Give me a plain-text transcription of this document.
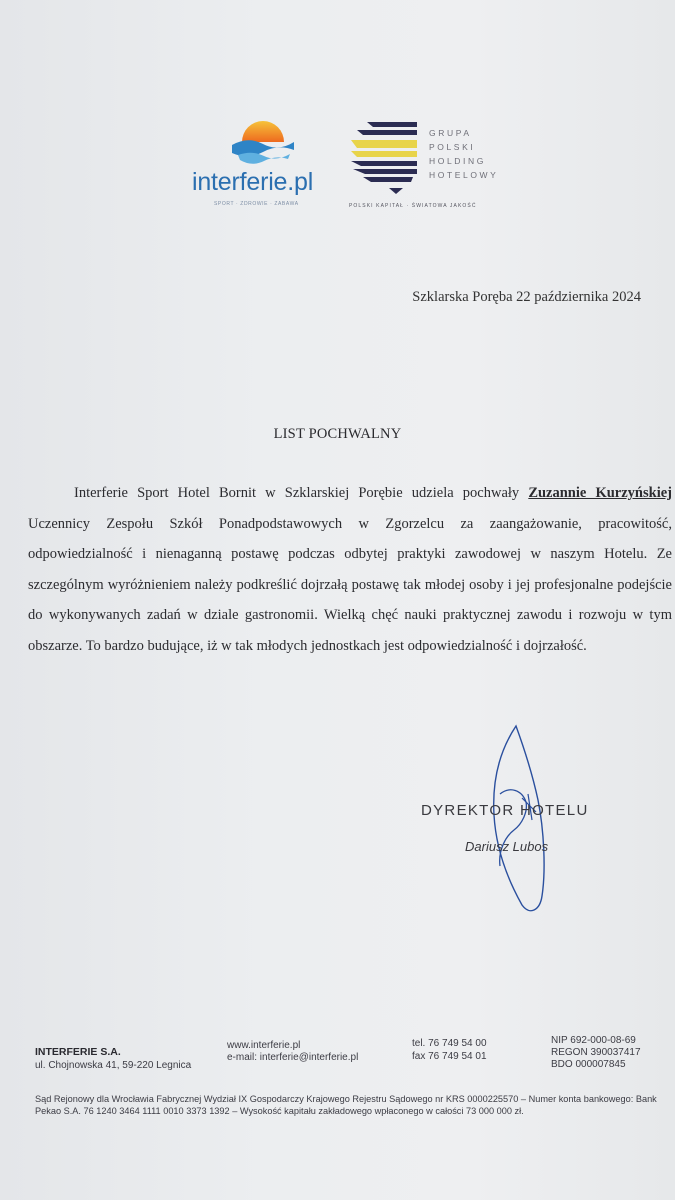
interferie.pl
SPORT · ZDROWIE · ZABAWA
GRUPA
POLSKI
HOLDING
HOTELOWY
POLSKI KAPITAŁ · ŚWIATOWA JAKOŚĆ
Szklarska Poręba 22 października 2024
LIST POCHWALNY
Interferie Sport Hotel Bornit w Szklarskiej Porębie udziela pochwały Zuzannie Kurzyńskiej Uczennicy Zespołu Szkół Ponadpodstawowych w Zgorzelcu za zaangażowanie, pracowitość, odpowiedzialność i nienaganną postawę podczas odbytej praktyki zawodowej w naszym Hotelu. Ze szczególnym wyróżnieniem należy podkreślić dojrzałą postawę tak młodej osoby i jej profesjonalne podejście do wykonywanych zadań w dziale gastronomii. Wielką chęć nauki praktycznej zawodu i rozwoju w tym obszarze. To bardzo budujące, iż w tak młodych jednostkach jest odpowiedzialność i dojrzałość.
DYREKTOR HOTELU
Dariusz Lubos
INTERFERIE S.A.
ul. Chojnowska 41, 59-220 Legnica
www.interferie.pl
e-mail: interferie@interferie.pl
tel. 76 749 54 00
fax 76 749 54 01
NIP 692-000-08-69
REGON 390037417
BDO 000007845
Sąd Rejonowy dla Wrocławia Fabrycznej Wydział IX Gospodarczy Krajowego Rejestru Sądowego nr KRS 0000225570 – Numer konta bankowego: Bank Pekao S.A. 76 1240 3464 1111 0010 3373 1392 – Wysokość kapitału zakładowego wpłaconego w całości 73 000 000 zł.
